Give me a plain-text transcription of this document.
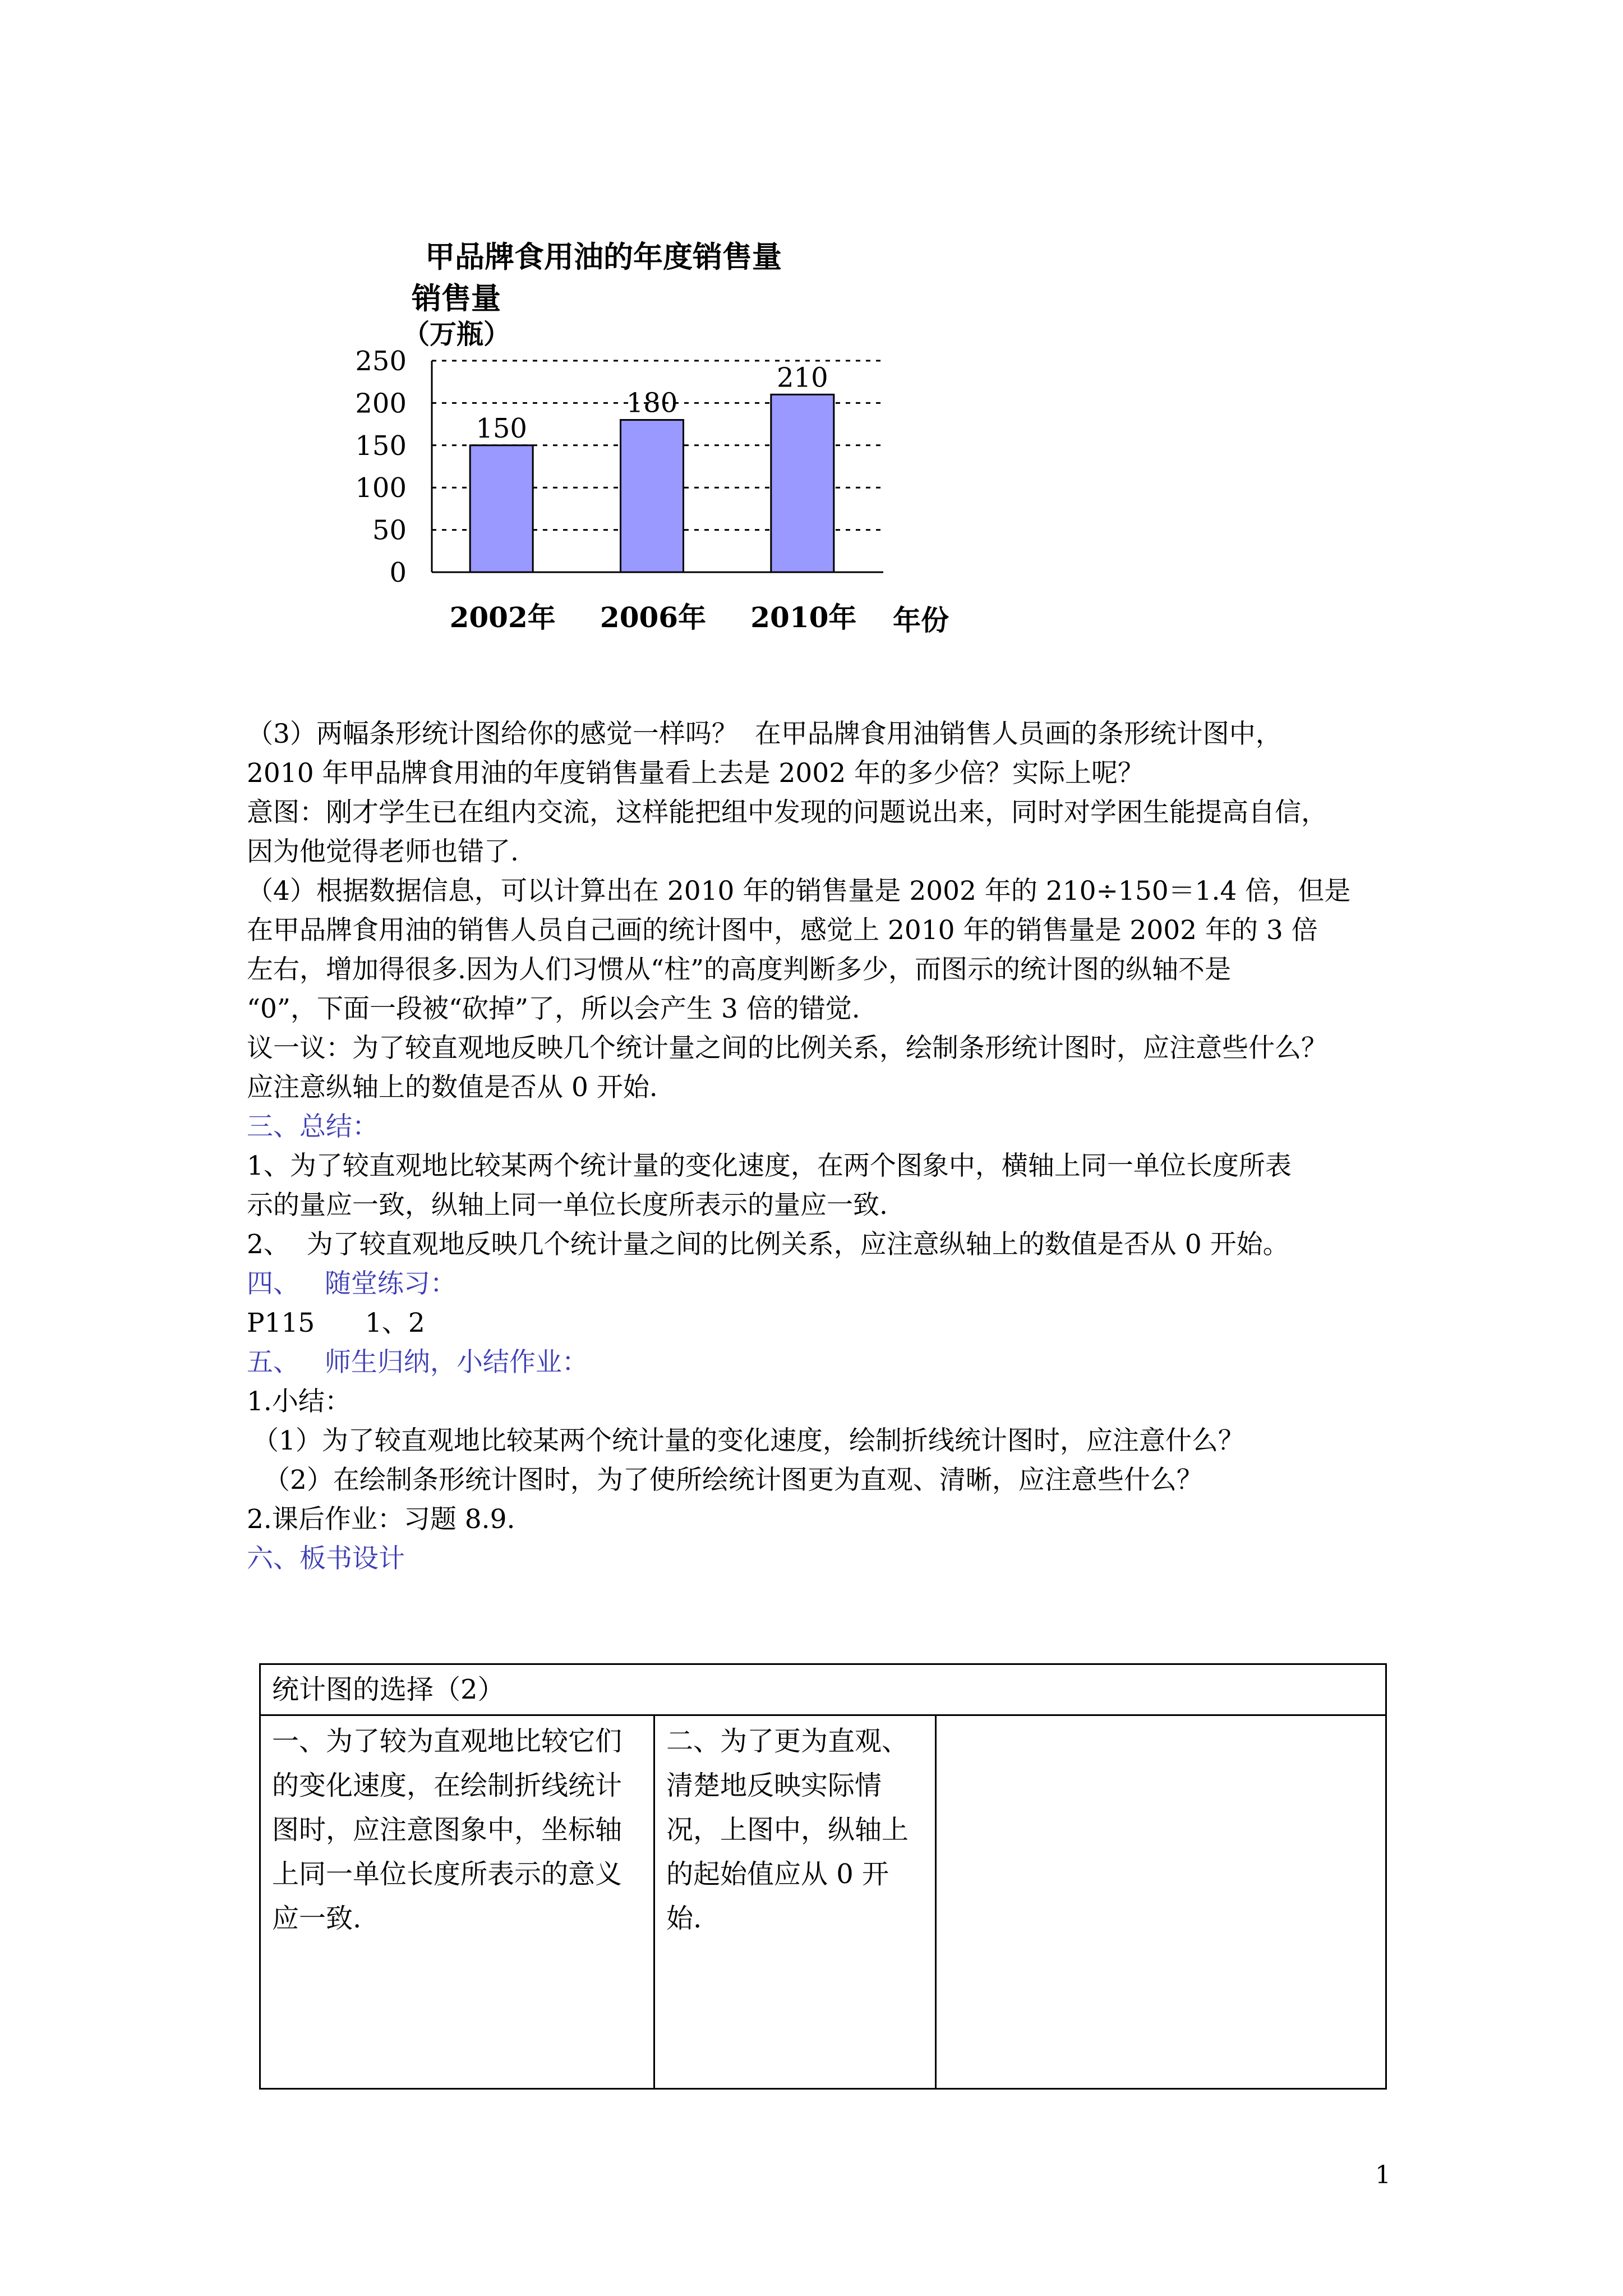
甲品牌食用油的年度销售量
销售量
（万瓶）
0
50
100
150
200
250
150
180
210
2002年 2006年 2010年 年份
（3）两幅条形统计图给你的感觉一样吗？  在甲品牌食用油销售人员画的条形统计图中，
2010 年甲品牌食用油的年度销售量看上去是 2002 年的多少倍？实际上呢？
意图：刚才学生已在组内交流，这样能把组中发现的问题说出来，同时对学困生能提高自信，
因为他觉得老师也错了.
（4）根据数据信息，可以计算出在 2010 年的销售量是 2002 年的 210÷150＝1.4 倍，但是
在甲品牌食用油的销售人员自己画的统计图中，感觉上 2010 年的销售量是 2002 年的 3 倍
左右，增加得很多.因为人们习惯从“柱”的高度判断多少，而图示的统计图的纵轴不是
“0”，下面一段被“砍掉”了，所以会产生 3 倍的错觉.
议一议：为了较直观地反映几个统计量之间的比例关系，绘制条形统计图时，应注意些什么？
应注意纵轴上的数值是否从 0 开始.
三、总结：
1、为了较直观地比较某两个统计量的变化速度，在两个图象中，横轴上同一单位长度所表
示的量应一致，纵轴上同一单位长度所表示的量应一致.
2、  为了较直观地反映几个统计量之间的比例关系，应注意纵轴上的数值是否从 0 开始。
四、   随堂练习：
P115      1、2
五、   师生归纳，小结作业：
1.小结：
（1）为了较直观地比较某两个统计量的变化速度，绘制折线统计图时，应注意什么？
（2）在绘制条形统计图时，为了使所绘统计图更为直观、清晰，应注意些什么？
2.课后作业：习题 8.9.
六、板书设计
统计图的选择（2）
一、为了较为直观地比较它们的变化速度，在绘制折线统计图时，应注意图象中，坐标轴上同一单位长度所表示的意义应一致.	二、为了更为直观、清楚地反映实际情况，上图中，纵轴上的起始值应从 0 开始.	
1
